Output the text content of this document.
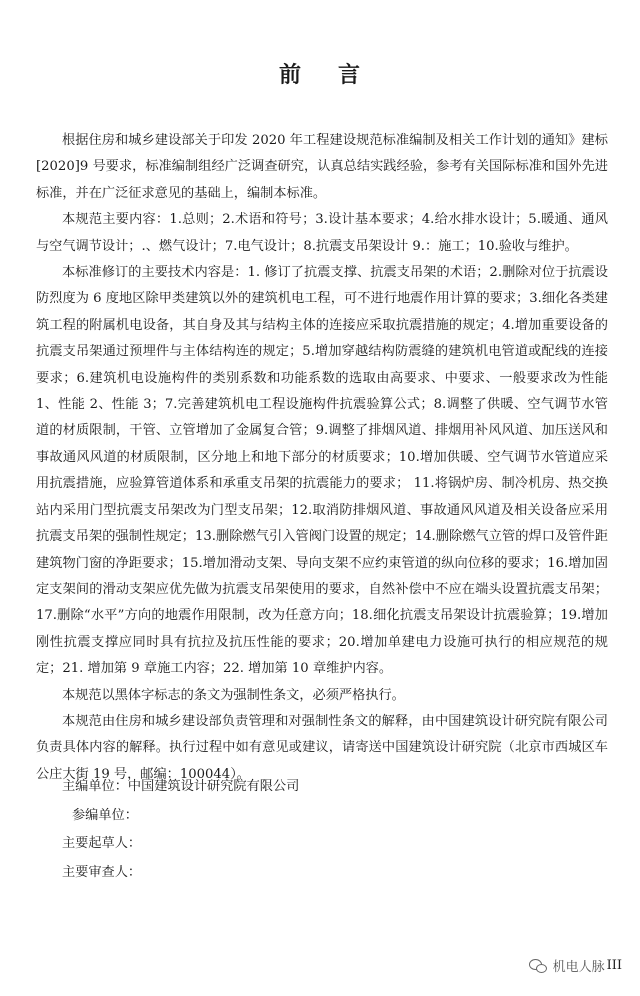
前 言

根据住房和城乡建设部关于印发 2020 年工程建设规范标准编制及相关工作计划的通知》建标[2020]9 号要求，标准编制组经广泛调查研究，认真总结实践经验，参考有关国际标准和国外先进标准，并在广泛征求意见的基础上，编制本标准。

本规范主要内容：1.总则；2.术语和符号；3.设计基本要求；4.给水排水设计；5.暖通、通风与空气调节设计；.、燃气设计；7.电气设计；8.抗震支吊架设计 9.：施工；10.验收与维护。

本标准修订的主要技术内容是：1. 修订了抗震支撑、抗震支吊架的术语；2.删除对位于抗震设防烈度为 6 度地区除甲类建筑以外的建筑机电工程，可不进行地震作用计算的要求；3.细化各类建筑工程的附属机电设备，其自身及其与结构主体的连接应采取抗震措施的规定；4.增加重要设备的抗震支吊架通过预埋件与主体结构连的规定；5.增加穿越结构防震缝的建筑机电管道或配线的连接要求；6.建筑机电设施构件的类别系数和功能系数的选取由高要求、中要求、一般要求改为性能 1、性能 2、性能 3；7.完善建筑机电工程设施构件抗震验算公式；8.调整了供暖、空气调节水管道的材质限制，干管、立管增加了金属复合管；9.调整了排烟风道、排烟用补风风道、加压送风和事故通风风道的材质限制，区分地上和地下部分的材质要求；10.增加供暖、空气调节水管道应采用抗震措施，应验算管道体系和承重支吊架的抗震能力的要求； 11.将锅炉房、制冷机房、热交换站内采用门型抗震支吊架改为门型支吊架；12.取消防排烟风道、事故通风风道及相关设备应采用抗震支吊架的强制性规定；13.删除燃气引入管阀门设置的规定；14.删除燃气立管的焊口及管件距建筑物门窗的净距要求；15.增加滑动支架、导向支架不应约束管道的纵向位移的要求；16.增加固定支架间的滑动支架应优先做为抗震支吊架使用的要求，自然补偿中不应在端头设置抗震支吊架；17.删除“水平”方向的地震作用限制，改为任意方向；18.细化抗震支吊架设计抗震验算；19.增加刚性抗震支撑应同时具有抗拉及抗压性能的要求；20.增加单建电力设施可执行的相应规范的规定；21. 增加第 9 章施工内容；22. 增加第 10 章维护内容。

本规范以黑体字标志的条文为强制性条文，必须严格执行。

本规范由住房和城乡建设部负责管理和对强制性条文的解释，由中国建筑设计研究院有限公司负责具体内容的解释。执行过程中如有意见或建议，请寄送中国建筑设计研究院（北京市西城区车公庄大街 19 号，邮编：100044）。

主编单位：中国建筑设计研究院有限公司
参编单位：
主要起草人：
主要审查人：
机电人脉 III
